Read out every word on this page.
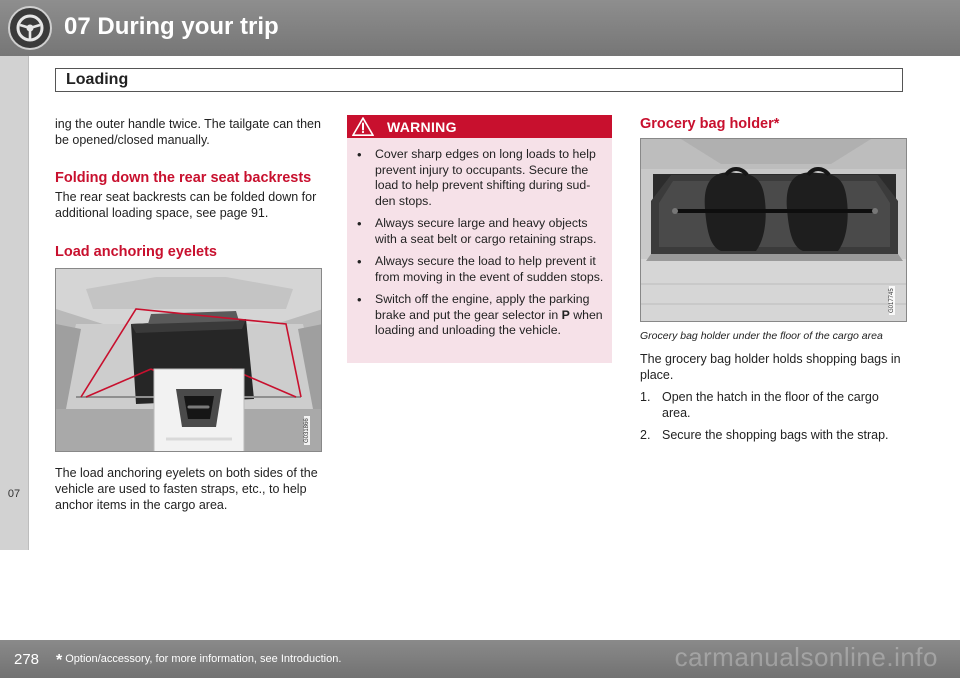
07 During your trip
Loading
07

ing the outer handle twice. The tailgate can then be opened/closed manually.

Folding down the rear seat backrests

The rear seat backrests can be folded down for additional loading space, see page 91.

Load anchoring eyelets
G031866

The load anchoring eyelets on both sides of the vehicle are used to fasten straps, etc., to help anchor items in the cargo area.

WARNING
• Cover sharp edges on long loads to help prevent injury to occupants. Secure the load to help prevent shifting during sud-den stops.
• Always secure large and heavy objects with a seat belt or cargo retaining straps.
• Always secure the load to help prevent it from moving in the event of sudden stops.
• Switch off the engine, apply the parking brake and put the gear selector in P when loading and unloading the vehicle.
Grocery bag holder*
G017745

Grocery bag holder under the floor of the cargo area

The grocery bag holder holds shopping bags in place.

1. Open the hatch in the floor of the cargo area.
2. Secure the shopping bags with the strap.
278 * Option/accessory, for more information, see Introduction.	carmanualsonline.info
